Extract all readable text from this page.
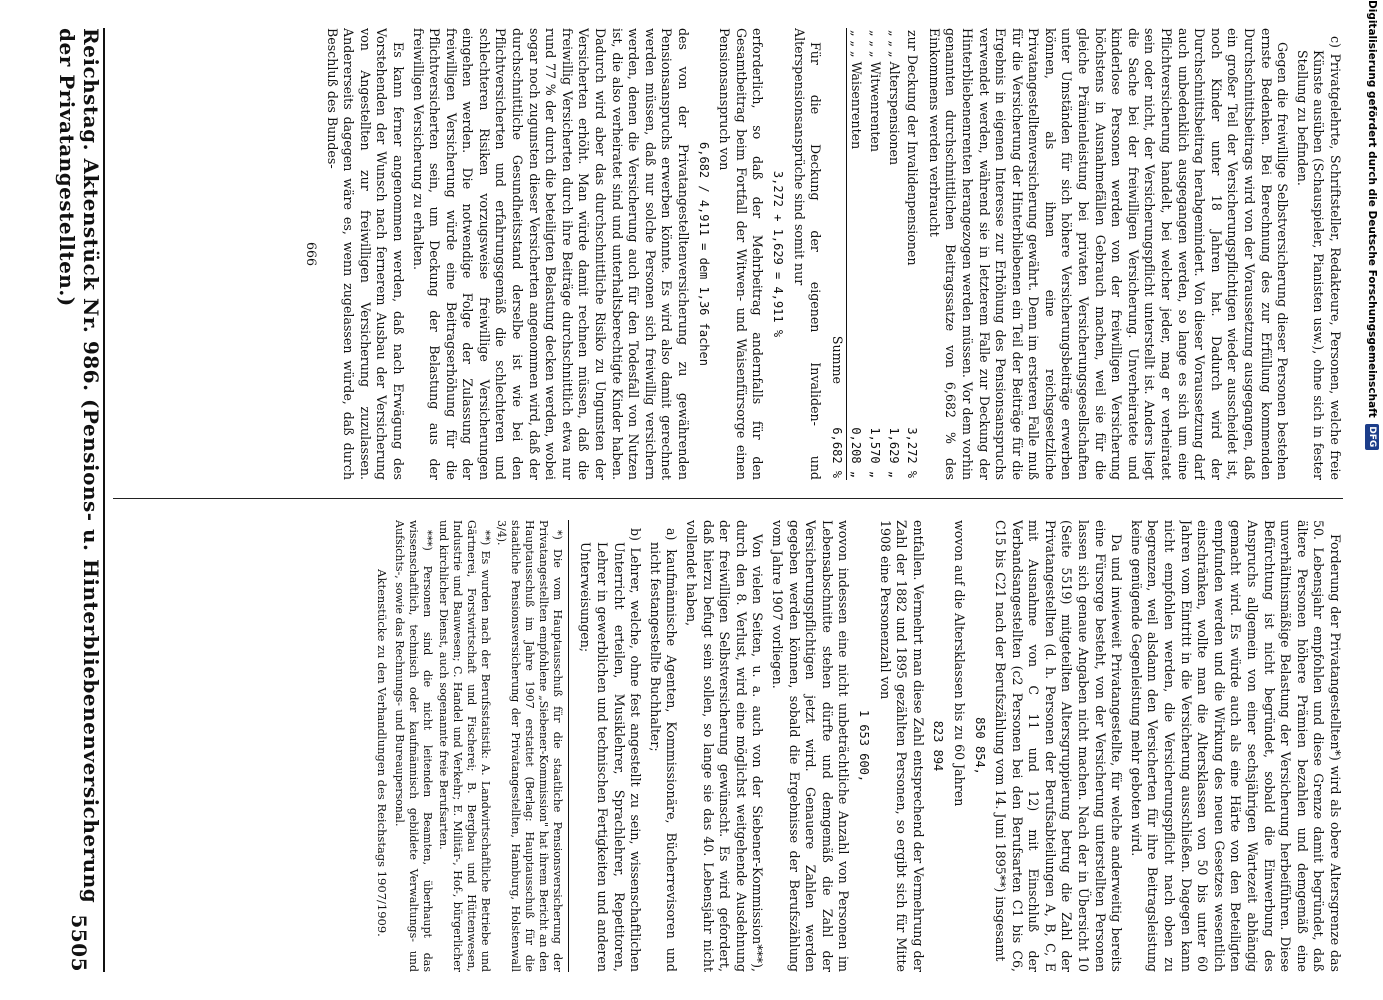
Digitalisierung gefördert durch die Deutsche Forschungsgemeinschaft
DFG
Reichstag. Aktenstück Nr. 986. (Pensions- u. Hinterbliebenenversicherung der Privatangestellten.)
5505	Forderung der Privatangestellten*) wird als obere Altersgrenze das 50. Lebensjahr empfohlen und diese Grenze damit begründet, daß ältere Personen höhere Prämien bezahlen und demgemäß eine unverhältnismäßige Belastung der Versicherung herbeiführen. Diese Befürchtung ist nicht begründet, sobald die Einwerbung des Anspruchs allgemein von einer sechsjährigen Wartezeit abhängig gemacht wird. Es würde auch als eine Härte von den Beteiligten empfunden werden und die Wirkung des neuen Gesetzes wesentlich einschränken, wollte man die Altersklassen von 50 bis unter 60 Jahren vom Eintritt in die Versicherung ausschließen. Dagegen kann nicht empfohlen werden, die Versicherungspflicht nach oben zu begrenzen, weil alsdann den Versicherten für ihre Beitragsleistung keine genügende Gegenleistung mehr geboten wird.

Da und inwieweit Privatangestellte, für welche anderweitig bereits eine Fürsorge besteht, von der Versicherung unterstellten Personen lassen sich genaue Angaben nicht machen. Nach der in Übersicht 10 (Seite 5519) mitgeteilten Altersgruppierung betrug die Zahl der Privatangestellten (d. h. Personen der Berufsabteilungen A, B, C, E mit Ausnahme von C 11 und 12) mit Einschluß der Verbandsangestellten (c2 Personen bei den Berufsarten C1 bis C6, C15 bis C21 nach der Berufszählung vom 14. Juni 1895**) insgesamt

850 854,

wovon auf die Altersklassen bis zu 60 Jahren

823 894

entfallen. Vermehrt man diese Zahl entsprechend der Vermehrung der Zahl der 1882 und 1895 gezählten Personen, so ergibt sich für Mitte 1908 eine Personenzahl von

1 653 600,

wovon indessen eine nicht unbeträchtliche Anzahl von Personen im Lebensabschnitte stehen dürfte und demgemäß die Zahl der Versicherungspflichtigen jetzt wird. Genauere Zahlen werden gegeben werden können, sobald die Ergebnisse der Berufszählung vom Jahre 1907 vorliegen.

Von vielen Seiten, u. a. auch von der Siebener-Kommission***), durch den 8. Verlust, wird eine möglichst weitgehende Ausdehnung der freiwilligen Selbstversicherung gewünscht. Es wird gefordert, daß hierzu befugt sein sollen, so lange sie das 40. Lebensjahr nicht vollendet haben,

a) kaufmännische Agenten, Kommissionäre, Bücherrevisoren und nicht festangestellte Buchhalter;

b) Lehrer, welche, ohne fest angestellt zu sein, wissenschaftlichen Unterricht erteilen, Musiklehrer, Sprachlehrer, Repetitoren, Lehrer in gewerblichen und technischen Fertigkeiten und anderen Unterweisungen;

*) Die vom Hauptausschuß für die staatliche Pensionsversicherung der Privatangestellten empfohlene „Siebener-Kommission" hat ihrem Bericht an den Hauptausschuß im Jahre 1907 erstattet (Berlag: Hauptausschuß für die staatliche Pensionsversicherung der Privatangestellten, Hamburg, Holstenwall 3/4).

**) Es wurden nach der Berufsstatistik: A. Landwirtschaftliche Betriebe und Gärtnerei, Forstwirtschaft und Fischerei; B. Bergbau und Hüttenwesen, Industrie und Bauwesen; C. Handel und Verkehr; E. Militär-, Hof-, bürgerlicher und kirchlicher Dienst, auch sogenannte freie Berufsarten.

***) Personen sind die nicht leitenden Beamten, überhaupt das wissenschaftlich, technisch oder kaufmännisch gebildete Verwaltungs- und Aufsichts-, sowie das Rechnungs- und Bureaupersonal.

Aktenstücke zu den Verhandlungen des Reichstags 1907/1909.

c) Privatgelehrte, Schriftsteller, Redakteure, Personen, welche freie Künste ausüben (Schauspieler, Pianisten usw.), ohne sich in fester Stellung zu befinden.

Gegen die freiwillige Selbstversicherung dieser Personen bestehen ernste Bedenken. Bei Berechnung des zur Erfüllung kommenden Durchschnittsbeitrags wird von der Voraussetzung ausgegangen, daß ein großer Teil der Versicherungspflichtigen wieder ausscheidet ist, noch Kinder unter 18 Jahren hat. Dadurch wird der Durchschnittsbeitrag herabgemindert. Von dieser Voraussetzung darf auch unbedenklich ausgegangen werden, so lange es sich um eine Pflichtversicherung handelt, bei welcher jeder, mag er verheiratet sein oder nicht, der Versicherungspflicht unterstellt ist. Anders liegt die Sache bei der freiwilligen Versicherung. Unverheiratete und kinderlose Personen werden von der freiwilligen Versicherung höchstens in Ausnahmefällen Gebrauch machen, weil sie für die gleiche Prämienleistung bei privaten Versicherungsgesellschaften unter Umständen für sich höhere Versicherungsbeiträge erwerben können, als ihnen eine reichsgesetzliche Privatangestelltenversicherung gewährt. Denn im ersteren Falle muß für die Versicherung der Hinterbliebenen ein Teil der Beiträge für die Ergebnis in eigenen Interesse zur Erhöhung des Pensionsanspruchs verwendet werden, während sie in letzterem Falle zur Deckung der Hinterbliebenenrenten herangezogen werden müssen. Vor dem vorhin genannten durchschnittlichen Beitragssatze von 6,682 % des Einkommens werden verbraucht

zur Deckung der Invalidenpensionen	3,272 %
„ „ „ Alterspensionen	1,629 „
„ „ „ Witwenrenten	1,570 „
„ „ „ Waisenrenten	0,208 „
Summe	6,682 %

Für die Deckung der eigenen Invaliden- und Alterspensionsansprüche sind somit nur

3,272 + 1,629 = 4,911 %

erforderlich, so daß der Mehrbeitrag andernfalls für den Gesamtbeitrag beim Fortfall der Witwen- und Waisenfürsorge einen Pensionsanspruch von

6,682 / 4,911 = dem 1,36 fachen

des von der Privatangestelltenversicherung zu gewährenden Pensionsanspruchs erwerben könnte. Es wird also damit gerechnet werden müssen, daß nur solche Personen sich freiwillig versichern werden, denen die Versicherung auch für den Todesfall von Nutzen ist, die also verheiratet sind und unterhaltsberechtigte Kinder haben. Dadurch wird aber das durchschnittliche Risiko zu Ungunsten der Versicherten erhöht. Man würde damit rechnen müssen, daß die freiwillig Versicherten durch ihre Beiträge durchschnittlich etwa nur rund 77 % der durch die beteiligten Belastung decken werden, wobei sogar noch zugunsten dieser Versicherten angenommen wird, daß der durchschnittliche Gesundheitsstand derselbe ist wie bei den Pflichtversicherten und erfahrungsgemäß die schlechteren und schlechteren Risiken vorzugsweise freiwillige Versicherungen eingehen werden. Die notwendige Folge der Zulassung der freiwilligen Versicherung würde eine Beitragserhöhung für die Pflichtversicherten sein, um Deckung der Belastung aus der freiwilligen Versicherung zu erhalten.

Es kann ferner angenommen werden, daß nach Erwägung des Vorstehenden der Wunsch nach fernerem Ausbau der Versicherung von Angestellten zur freiwilligen Versicherung zuzulassen. Andererseits dagegen wäre es, wenn zugelassen würde, daß durch Beschluß des Bundes-

666
